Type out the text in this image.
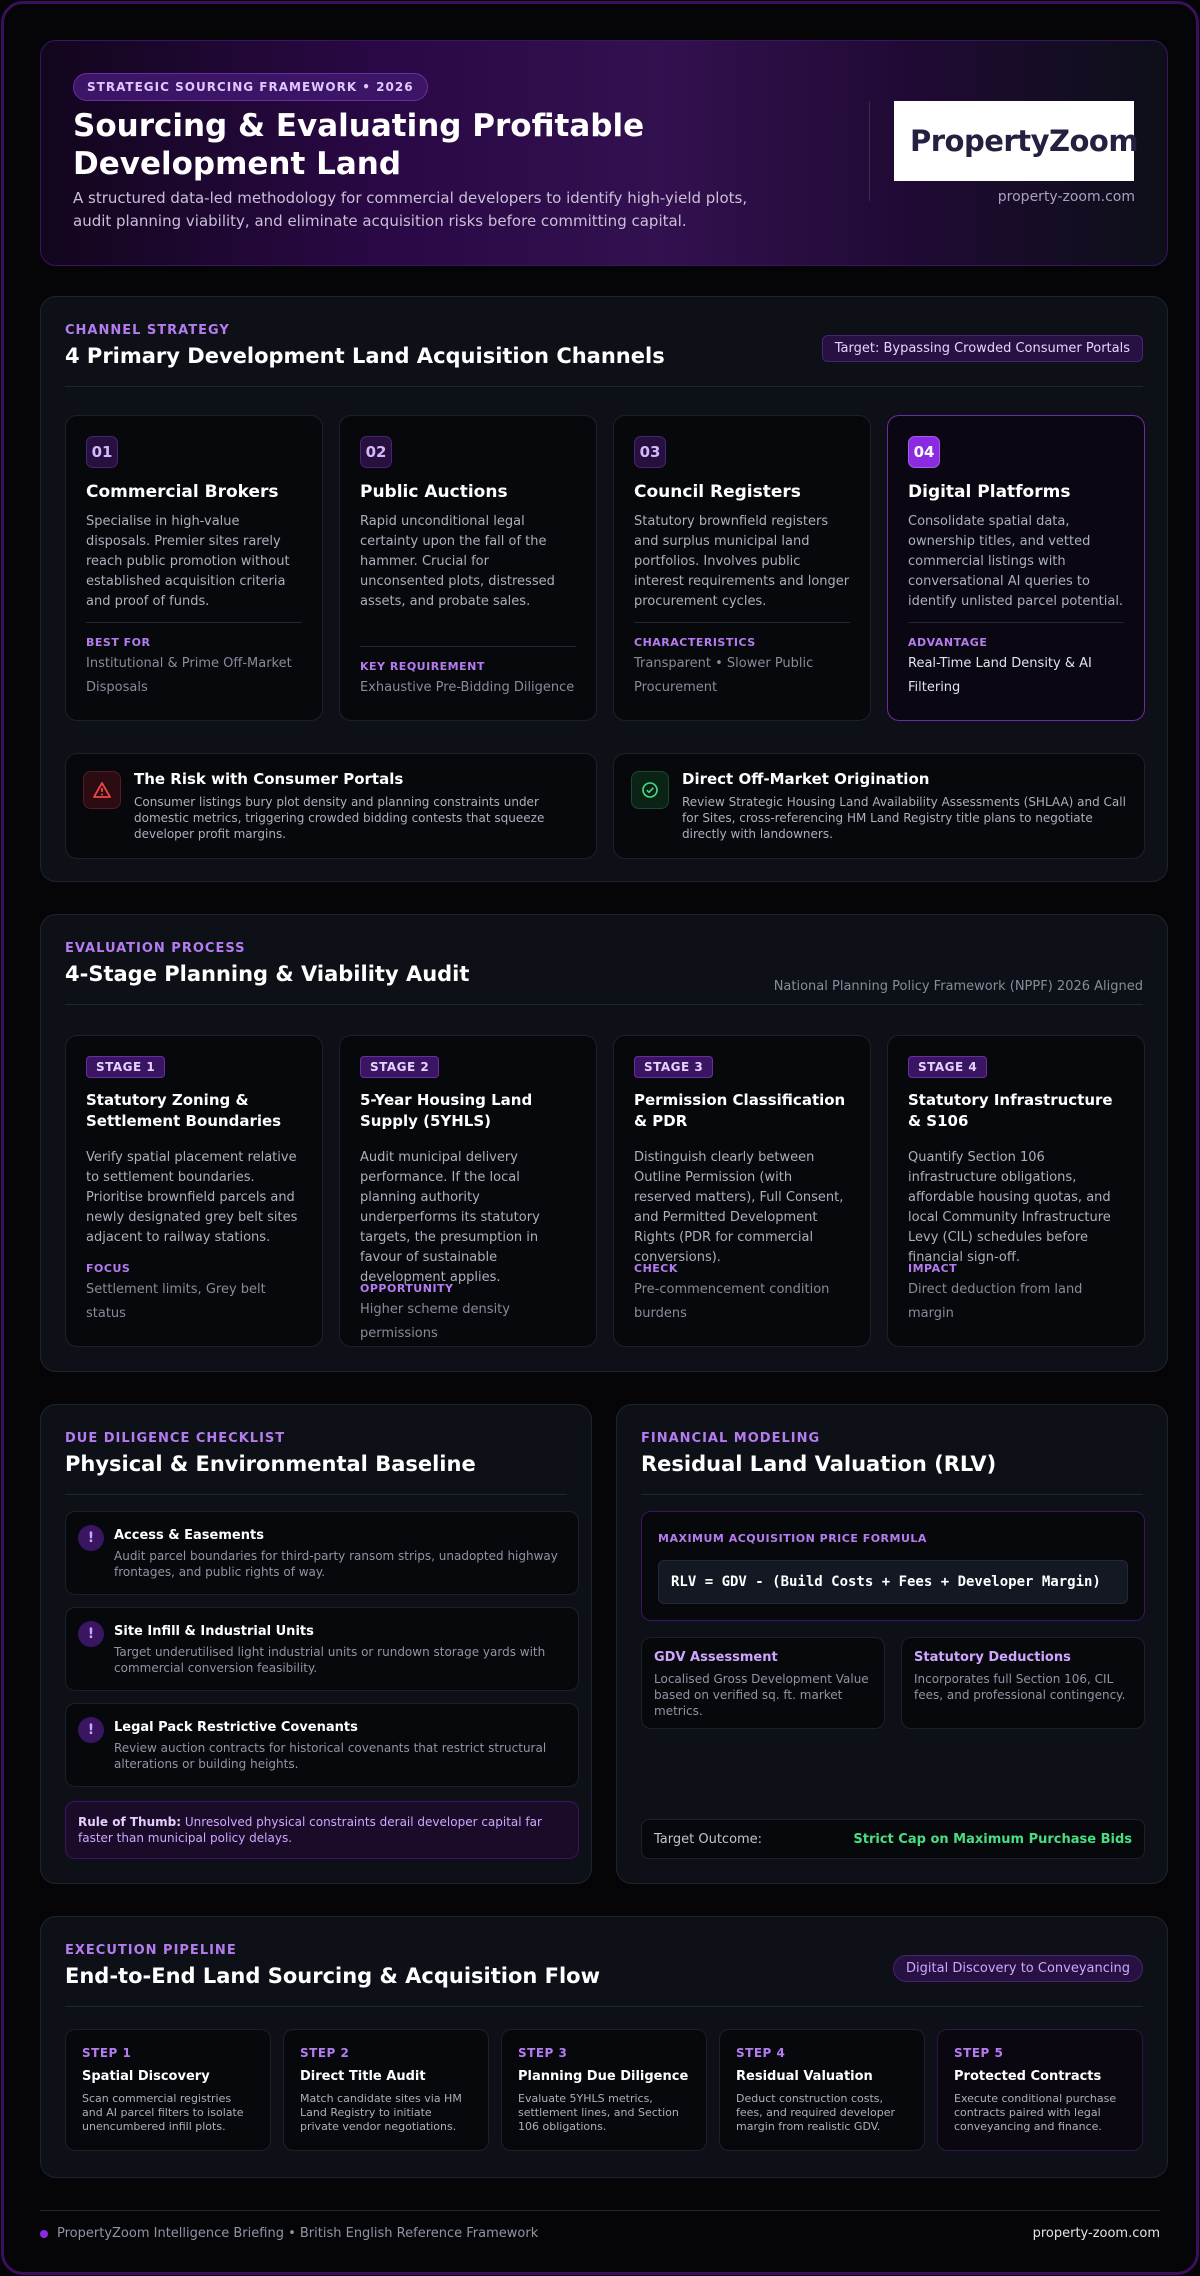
STRATEGIC SOURCING FRAMEWORK • 2026
Sourcing & Evaluating Profitable Development Land

A structured data-led methodology for commercial developers to identify high-yield plots, audit planning viability, and eliminate acquisition risks before committing capital.

PropertyZoom
property-zoom.com
CHANNEL STRATEGY
4 Primary Development Land Acquisition Channels	Target: Bypassing Crowded Consumer Portals
01
Commercial Brokers
Specialise in high-value disposals. Premier sites rarely reach public promotion without established acquisition criteria and proof of funds.
BEST FOR
Institutional & Prime Off-Market Disposals
02
Public Auctions
Rapid unconditional legal certainty upon the fall of the hammer. Crucial for unconsented plots, distressed assets, and probate sales.
KEY REQUIREMENT
Exhaustive Pre-Bidding Diligence
03
Council Registers
Statutory brownfield registers and surplus municipal land portfolios. Involves public interest requirements and longer procurement cycles.
CHARACTERISTICS
Transparent • Slower Public Procurement
04
Digital Platforms
Consolidate spatial data, ownership titles, and vetted commercial listings with conversational AI queries to identify unlisted parcel potential.
ADVANTAGE
Real-Time Land Density & AI Filtering
The Risk with Consumer Portals
Consumer listings bury plot density and planning constraints under domestic metrics, triggering crowded bidding contests that squeeze developer profit margins.
Direct Off-Market Origination
Review Strategic Housing Land Availability Assessments (SHLAA) and Call for Sites, cross-referencing HM Land Registry title plans to negotiate directly with landowners.
EVALUATION PROCESS
4-Stage Planning & Viability Audit
National Planning Policy Framework (NPPF) 2026 Aligned
STAGE 1
Statutory Zoning & Settlement Boundaries
Verify spatial placement relative to settlement boundaries. Prioritise brownfield parcels and newly designated grey belt sites adjacent to railway stations.
FOCUS
Settlement limits, Grey belt status
STAGE 2
5-Year Housing Land Supply (5YHLS)
Audit municipal delivery performance. If the local planning authority underperforms its statutory targets, the presumption in favour of sustainable development applies.
OPPORTUNITY
Higher scheme density permissions
STAGE 3
Permission Classification & PDR
Distinguish clearly between Outline Permission (with reserved matters), Full Consent, and Permitted Development Rights (PDR for commercial conversions).
CHECK
Pre-commencement condition burdens
STAGE 4
Statutory Infrastructure & S106
Quantify Section 106 infrastructure obligations, affordable housing quotas, and local Community Infrastructure Levy (CIL) schedules before financial sign-off.
IMPACT
Direct deduction from land margin
DUE DILIGENCE CHECKLIST
Physical & Environmental Baseline
!	Access & Easements
Audit parcel boundaries for third-party ransom strips, unadopted highway frontages, and public rights of way.
!	Site Infill & Industrial Units
Target underutilised light industrial units or rundown storage yards with commercial conversion feasibility.
!	Legal Pack Restrictive Covenants
Review auction contracts for historical covenants that restrict structural alterations or building heights.
Rule of Thumb: Unresolved physical constraints derail developer capital far faster than municipal policy delays.
FINANCIAL MODELING
Residual Land Valuation (RLV)
MAXIMUM ACQUISITION PRICE FORMULA
RLV = GDV - (Build Costs + Fees + Developer Margin)
GDV Assessment
Localised Gross Development Value based on verified sq. ft. market metrics.
Statutory Deductions
Incorporates full Section 106, CIL fees, and professional contingency.
Target Outcome:	Strict Cap on Maximum Purchase Bids
EXECUTION PIPELINE
End-to-End Land Sourcing & Acquisition Flow	Digital Discovery to Conveyancing
STEP 1
Spatial Discovery
Scan commercial registries and AI parcel filters to isolate unencumbered infill plots.
STEP 2
Direct Title Audit
Match candidate sites via HM Land Registry to initiate private vendor negotiations.
STEP 3
Planning Due Diligence
Evaluate 5YHLS metrics, settlement lines, and Section 106 obligations.
STEP 4
Residual Valuation
Deduct construction costs, fees, and required developer margin from realistic GDV.
STEP 5
Protected Contracts
Execute conditional purchase contracts paired with legal conveyancing and finance.
PropertyZoom Intelligence Briefing • British English Reference Framework	property-zoom.com
